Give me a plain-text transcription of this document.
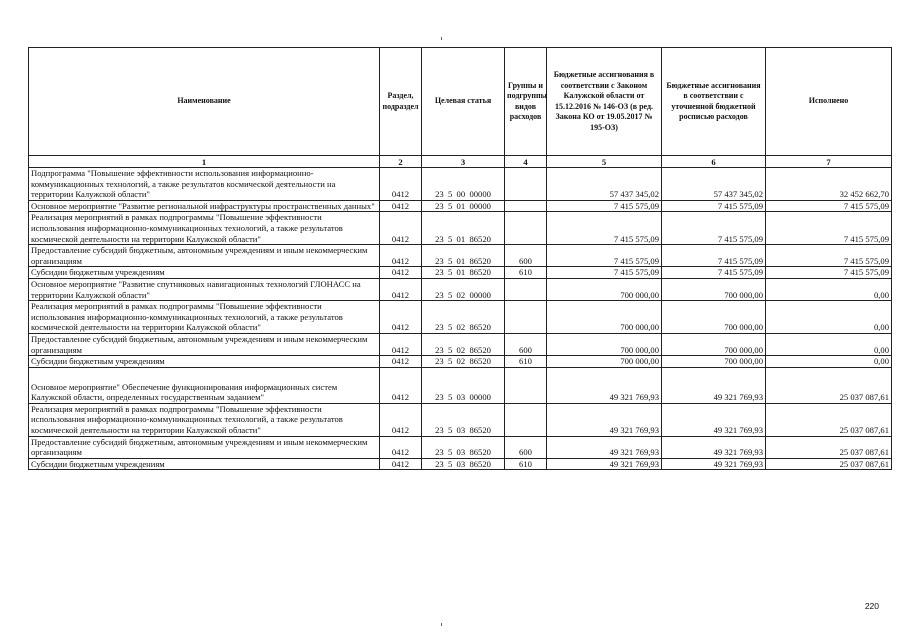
Наименование	Раздел, подраздел	Целевая статья	Группы и подгруппы видов расходов	Бюджетные ассигнования в соответствии с Законом Калужской области от 15.12.2016 № 146-ОЗ (в ред. Закона КО от 19.05.2017 № 195-ОЗ)	Бюджетные ассигнования в соответствии с уточненной бюджетной росписью расходов	Исполнено
1	2	3	4	5	6	7
Подпрограмма "Повышение эффективности использования информационно-коммуникационных технологий, а также результатов космической деятельности на территории Калужской области"	0412	23  5  00  00000		57 437 345,02	57 437 345,02	32 452 662,70
Основное мероприятие "Развитие региональной инфраструктуры пространственных данных"	0412	23  5  01  00000		7 415 575,09	7 415 575,09	7 415 575,09
Реализация мероприятий в рамках подпрограммы "Повышение эффективности использования информационно-коммуникационных технологий, а также результатов космической деятельности на территории Калужской области"	0412	23  5  01  86520		7 415 575,09	7 415 575,09	7 415 575,09
Предоставление субсидий бюджетным, автономным учреждениям и иным некоммерческим организациям	0412	23  5  01  86520	600	7 415 575,09	7 415 575,09	7 415 575,09
Субсидии бюджетным учреждениям	0412	23  5  01  86520	610	7 415 575,09	7 415 575,09	7 415 575,09
Основное мероприятие "Развитие спутниковых навигационных технологий ГЛОНАСС на территории Калужской области"	0412	23  5  02  00000		700 000,00	700 000,00	0,00
Реализация мероприятий в рамках подпрограммы "Повышение эффективности использования информационно-коммуникационных технологий, а также результатов космической деятельности на территории Калужской области"	0412	23  5  02  86520		700 000,00	700 000,00	0,00
Предоставление субсидий бюджетным, автономным учреждениям и иным некоммерческим организациям	0412	23  5  02  86520	600	700 000,00	700 000,00	0,00
Субсидии бюджетным учреждениям	0412	23  5  02  86520	610	700 000,00	700 000,00	0,00
Основное мероприятие" Обеспечение функционирования информационных систем Калужской области, определенных государственным заданием"	0412	23  5  03  00000		49 321 769,93	49 321 769,93	25 037 087,61
Реализация мероприятий в рамках подпрограммы "Повышение эффективности использования информационно-коммуникационных технологий, а также результатов космической деятельности на территории Калужской области"	0412	23  5  03  86520		49 321 769,93	49 321 769,93	25 037 087,61
Предоставление субсидий бюджетным, автономным учреждениям и иным некоммерческим организациям	0412	23  5  03  86520	600	49 321 769,93	49 321 769,93	25 037 087,61
Субсидии бюджетным учреждениям	0412	23  5  03  86520	610	49 321 769,93	49 321 769,93	25 037 087,61
220
